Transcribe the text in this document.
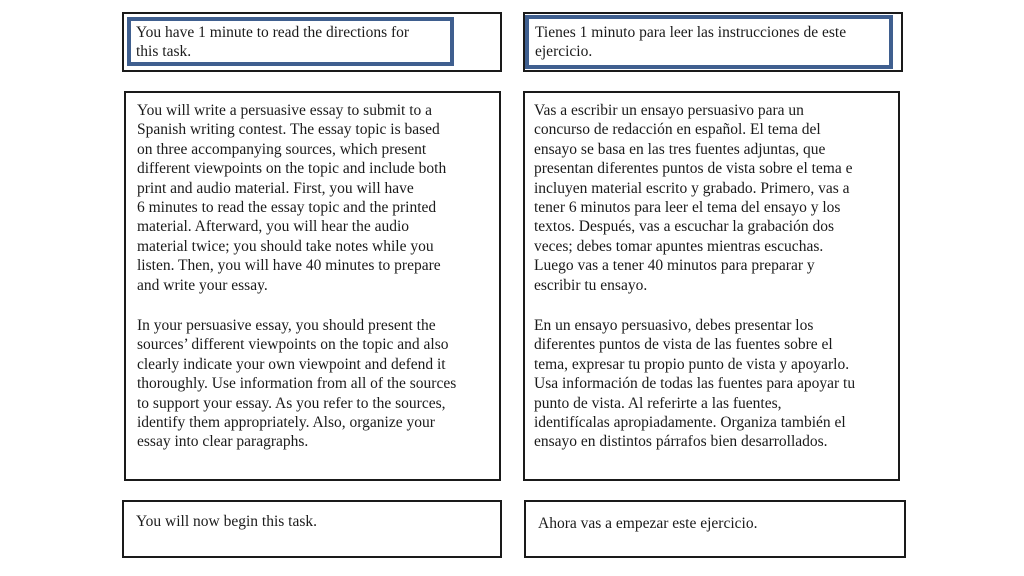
You have 1 minute to read the directions for
this task.

You will write a persuasive essay to submit to a
Spanish writing contest. The essay topic is based
on three accompanying sources, which present
different viewpoints on the topic and include both
print and audio material. First, you will have
6 minutes to read the essay topic and the printed
material. Afterward, you will hear the audio
material twice; you should take notes while you
listen. Then, you will have 40 minutes to prepare
and write your essay.

In your persuasive essay, you should present the
sources’ different viewpoints on the topic and also
clearly indicate your own viewpoint and defend it
thoroughly. Use information from all of the sources
to support your essay. As you refer to the sources,
identify them appropriately. Also, organize your
essay into clear paragraphs.

You will now begin this task.

Tienes 1 minuto para leer las instrucciones de este
ejercicio.

Vas a escribir un ensayo persuasivo para un
concurso de redacción en español. El tema del
ensayo se basa en las tres fuentes adjuntas, que
presentan diferentes puntos de vista sobre el tema e
incluyen material escrito y grabado. Primero, vas a
tener 6 minutos para leer el tema del ensayo y los
textos. Después, vas a escuchar la grabación dos
veces; debes tomar apuntes mientras escuchas.
Luego vas a tener 40 minutos para preparar y
escribir tu ensayo.

En un ensayo persuasivo, debes presentar los
diferentes puntos de vista de las fuentes sobre el
tema, expresar tu propio punto de vista y apoyarlo.
Usa información de todas las fuentes para apoyar tu
punto de vista. Al referirte a las fuentes,
identifícalas apropiadamente. Organiza también el
ensayo en distintos párrafos bien desarrollados.

Ahora vas a empezar este ejercicio.
